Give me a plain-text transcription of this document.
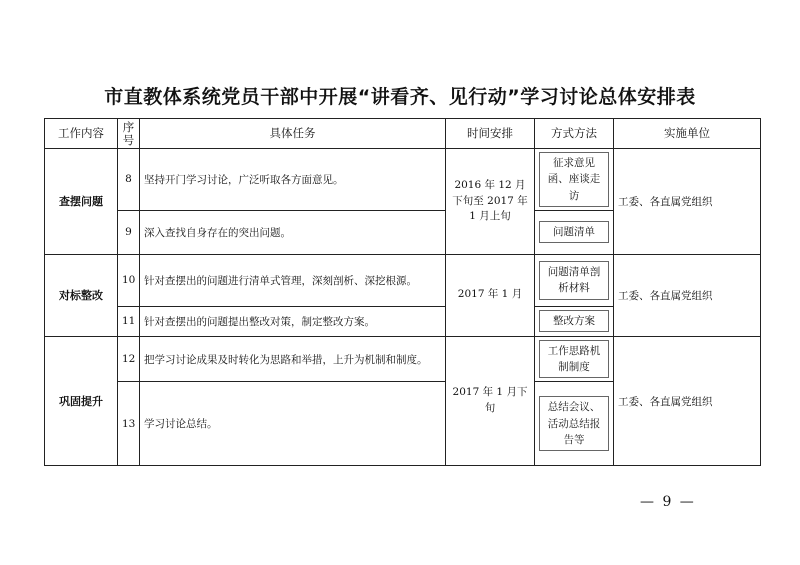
市直教体系统党员干部中开展“讲看齐、见行动”学习讨论总体安排表
工作内容	序号	具体任务	时间安排	方式方法	实施单位
查摆问题	8	坚持开门学习讨论，广泛听取各方面意见。	2016 年 12 月下旬至 2017 年 1 月上旬	征求意见函、座谈走访	工委、各直属党组织
	9	深入查找自身存在的突出问题。		问题清单	

对标整改	10	针对查摆出的问题进行清单式管理，深刻剖析、深挖根源。	2017 年 1 月	问题清单剖析材料	工委、各直属党组织
	11	针对查摆出的问题提出整改对策，制定整改方案。		整改方案	

巩固提升	12	把学习讨论成果及时转化为思路和举措，上升为机制和制度。	2017 年 1 月下旬	工作思路机制制度	工委、各直属党组织
	13	学习讨论总结。		总结会议、活动总结报告等	
— 9 —
